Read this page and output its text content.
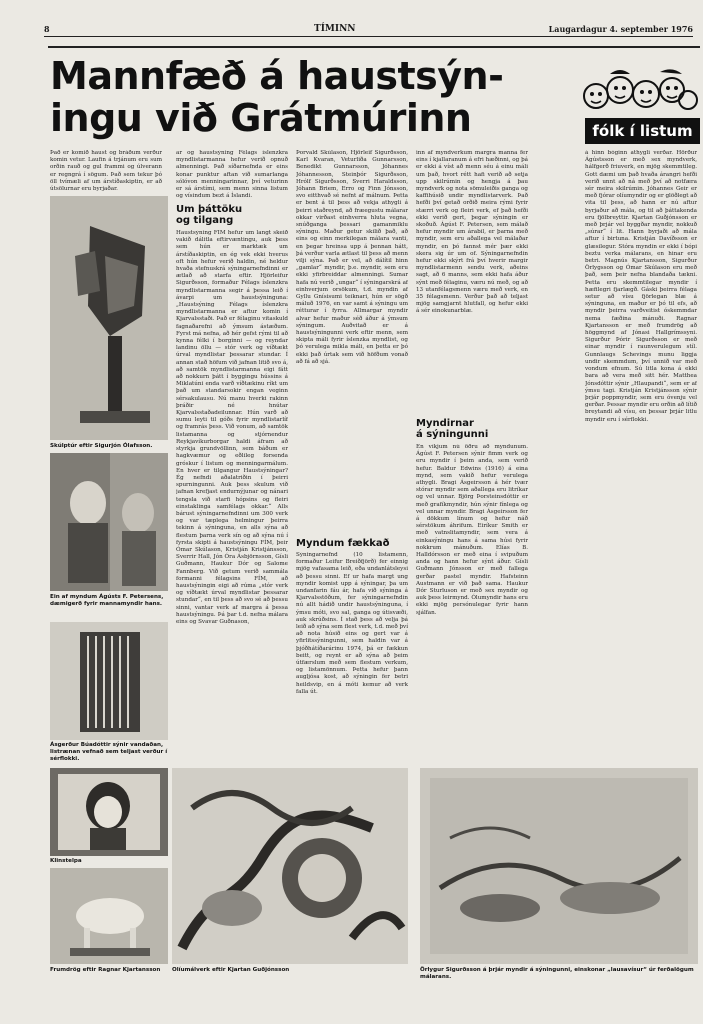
8	TÍMINN	Laugardagur 4. september 1976
Mannfæð á haustsýn-
ingu við Grátmúrinn	fólk í listum
Það er komið haust og bráðum verður komin vetur. Laufin á trjánum eru sum orðin rauð og gul frammi og úlverann er regngrá í sögum. Það sem tekur þó öll tvímæli af um árstíðaskiptin, er að útsölurnar eru byrjaðar.
Skúlptúr eftir Sigurjón Ólafsson.
Ein af myndum Ágústs F. Petersens, dæmigerð fyrir mannamyndir hans.
Ásgerður Búadóttir sýnir vandaðan, listrænan vefnað sem teljast verður í sérflokki.
ar og haustsýning Félags íslenzkra myndlistarmanna hefur verið opnuð almenningi. Það síðarnefnda er eins konar punktur aftan við sumarlanga sólóvon menningarinnar, því veturinn er sá árstími, sem menn sinna listum og vísindum bezt á Íslandi.
Um þáttöku
og tilgang
Haustsýning FÍM hefur um langt skeið vakið dálitla eftirvæntingu, auk þess sem hún er marktæk um árstíðaskiptin, en ég vek ekki hverus oft hún hefur verið haldin, né heldur hvaða stefnuskrá sýningarnefndinni er ætlað að starfa eftir. Hjörleifur Sigurðsson, formaður Félags íslenzkra myndlistarmanna segir á þessa leið í ávarpi um haustsýninguna: „Haustsýning Félags íslenzkra myndlistarmanna er aftur komin í Kjarvalsstaði. Það er félaginu vitaskuld fagnaðarefni að ýmsum ástæðum. Fyrst má nefna, að hér gefst rými til að kynna félki í borginni — og reyndar landinu öllu — stór verk og víðtækt úrval myndlistar þessarar stundar. Í annan stað höfum við jafnan litið svo á, að samtök myndlistarmanna eigi fátt að nokkurn þátt í byggingu hússins á Miklatúni enda varð víðtækinu ríkt um það um standarsokir engan veginn sérsakulausu. Nú manu hverki rakinn þráðir né hnútar Kjarvalsstaðadeilunnar. Hún varð að sumu leyti til góðs fyrir myndlistarlíf og framrás þess. Við vonum, að samtök listamanna og stjórnendur Reykjavíkurborgar haldi áfram að styrkja grundvöllinn, sem báðum er hagkvæmur og eðlileg forsenda gróskur í listum og menningarmálum. En hver er tilgangur Haustsýningar? Ég nefndi aðalatriðin í þeirri spurningunni. Auk þess skulum við jafnan krefjast endurnýjunar og nánari tengsla við starfi hópsins og fleiri einstaklinga samfélags okkar.“ Alls bárust sýningarnefndinni um 300 verk og var tæplega helmingur þeirra tekinn á sýninguna, en alls sýna að flestum þarna verk sín og að sýna nú í fyrsta skipti á haustsýningu FÍM, þeir Ómar Skúlason, Kristján Kristjánsson, Sverrir Hall, Jón Óra Ásbjörnsson, Gísli Guðmann, Haukur Dór og Salome Fannberg. Við getum verið sammála formanni félagsins FÍM, að haustsýningin eigi að rúma „stór verk og víðtækt úrval myndlistar þessarar stundar“, en til þess að svo sé að þessu sinni, vantar verk af margra á þessa haustsýningu. Þá þar t.d. nefna málara eins og Svavar Guðnason,
Þorvald Skúlason, Hjörleif Sigurðsson, Karl Kvaran, Veturliða Gunnarsson, Benedikt Gunnarsson, Jóhannes Jóhannesson, Steinþór Sigurðsson, Hrólf Sigurðsson, Sverri Haraldsson, Jóhann Briem, Erro og Finn Jónsson, svo eitthvað sé nefnt af málnum. Þetta er bent á til þess að vekja athygli á þeirri staðreynd, að fræegustu málarar okkar virðast einhverra hluta vegna, snúðganga þessari gamanmiklu sýningu. Maður getur skilið það, að eins og einn merkilegan málara vanti, en þegar hreinsa upp á þennan hátt, þá verður varla ætlast til þess að menn vilji sýna. Það er vel, að dálítil hinn „gamlar“ myndir, þ.e. myndir, sem eru ekki yfirbreiddar almenningi. Sumar hafa nú verið „ungar“ í sýningarskrá af einhverjum orsökum, t.d. myndin af Gyllu Gnísisumi teiknari, hún er sögð máluð 1976, en var samt á sýningu um rétturar í fyrra. Allmargar myndir alvar hefur maður séð áður á ýmsum sýningum. Auðvitað er á haustsýningunni verk eftir menn, sem skipta máli fyrir íslenzka myndlist, og þó verulega mikla máli, en þetta er þó ekki það úrtak sem við höfðum vonað að fá að sjá.
Myndum fækkað
Sýningarnefnd (10 listamenn, formaður Leifur Breiðfjörð) fer einnig mjög vafasama leið, eða undanlátsleysi að þessu sinni. Ef ur hafa margt ung myndir komist upp á sýningar, þa um undanfarin fáu ár, hafa við sýninga á Kjarvalsstöðum, fer sýningarnefndin nú allt hádið undir haustsýninguna, í ýmsu móti, svo sal, ganga og útisvæði, auk skrúðsins. Í stað þess að velja þá leið að sýna sem flest verk, t.d. með því að nota húsið eins og gert var á yfirlitssýningunni, sem haldin var á þjóðhátíðarárinu 1974, þá er fækkun beitt, og reynt er að sýna að þeim útfærslum með sem flestum verkum, og listamönnum. Þetta hefur þann augljósa kost, að sýningin fer betri heildsvip, en á móti kemur að verk falla út.
inn af myndverkum margra manna fer eins í kjallaranum á efri hæðinni, og þá er ekki á víst að menn séu á einu máli um það, hvort rétt hafi verið að setja upp skilrúmin og hengja á þau myndverk og nota sömuleiðis ganga og kaffihúsið undir myndlistarverk. Það hefði því getað orðið meira rými fyrir stærri verk og fleiri verk, ef það hefði ekki verið gert, þegar sýningin er skoðuð. Ágúst F. Petersen, sem málað hefur myndir um árabil, er þarna með myndir, sem eru aðallega vel málaðar myndir, en þó fannst mér þær ekki skera sig úr um of. Sýningarnefndin hefur ekki skýrt frá því hverir margir myndlistarmenn sendu verk, aðeins sagt, að 6 manns, sem ekki hafa áður sýnt með félaginu, væru nú með, og að 13 utanfélagsmenn væru með verk, en 35 félagsmenn. Verður það að teljast mjög samgjarnt hlutfall, og hefur ekki á sér einokunarblæ.
Myndirnar
á sýningunni
En víkjum nú öðru að myndunum. Ágúst F. Petersen sýnir fimm verk og eru myndir í þeim anda, sem verið hefur. Baldur Edwins (1916) á eina mynd, sem vakið hefur verulega athygli. Bragi Ásgeirsson á hér tvær stórar myndir sem aðallega eru litríkar og vel unnar. Björg Þorsteinsdóttir er með grafíkmyndir, hún sýnir fínlega og vel unnar myndir. Bragi Ásgeirsson fer á dökkum línum og hefur náð sérstökum áhrifum. Eiríkur Smith er með vatnslitamyndir, sem vera á einkasýningu hans á sama húsi fyrir nokkrum mánuðum. Elías B. Halldórsson er með eina í svipuðum anda og hann hefur sýnt áður. Gísli Guðmann Jónsson er með fallega gerðar pastel myndir. Hafsteinn Austmann er við það sama. Haukur Dór Sturluson er með sex myndir og auk þess leirmynd. Ólumyndir hans eru ekki mjög persónulegar fyrir hann sjálfan.
á hinn bóginn athygli verðar. Hörður Ágústsson er með sex myndverk, hálfgerð friuverk, en mjög skemmtileg. Gott dæmi um það hvaða árangri hefði verið unnt að ná með því að notfæra sér meira skilrúmin. Jóhannes Geir er með fjórar olíumyndir og er glöðlegt að vita til þess, að hann er nú aftur byrjaður að mála, og til að þáttakenda eru fjölbreyttir. Kjartan Guðjónsson er með þrjár vel byggðar myndir, nokkuð „súrar“ í lit. Hann byrjaði að mála aftur í birtuna. Kristján Davíðsson er glæsilegur. Stóra myndin er ekki í bópi beztu verka málarans, en hinar eru betri. Magnús Kjartansson, Sigurður Örlygsson og Ómar Skúlason eru með það, sem þeir nefna blandaða tækni. Þetta eru skemmtilegar myndir í hæfilegri fjarlægð. Gáski þeirra félaga setur að vísu fjörlegan blæ á sýninguna, en maður er þó til efs, að myndir þeirra varðveitist óskemmdar nema fæðina mánuði. Ragnar Kjartansson er með frumdrög að höggmynd af Jónasi Hallgrímssyni. Sigurður Þórir Sigurðsson er með einar myndir í raunverulegum stíl. Gunnlaugs Schevings munu liggja undir skemmdum, því unnið var með vondum efnum. Sú litla kona á ekki bara að vera með sitt hér. Matthea Jónsdóttir sýnir „Hlaupandi“, sem er af ýmsu tagi. Kristján Kristjánsson sýnir þrjár poppmyndir, sem eru óvenju vel gerðar. Þessar myndir eru orðin að lítið breytandi að vísu, en þessar þrjár litlu myndir eru í sérflokki.
Klinstelpa
Frumdrög eftir Ragnar Kjartansson	Olíumálverk eftir Kjartan Guðjónsson	Örlygur Sigurðsson á þrjár myndir á sýningunni, einskonar „lausavísur“ úr ferðalögum málarans.
